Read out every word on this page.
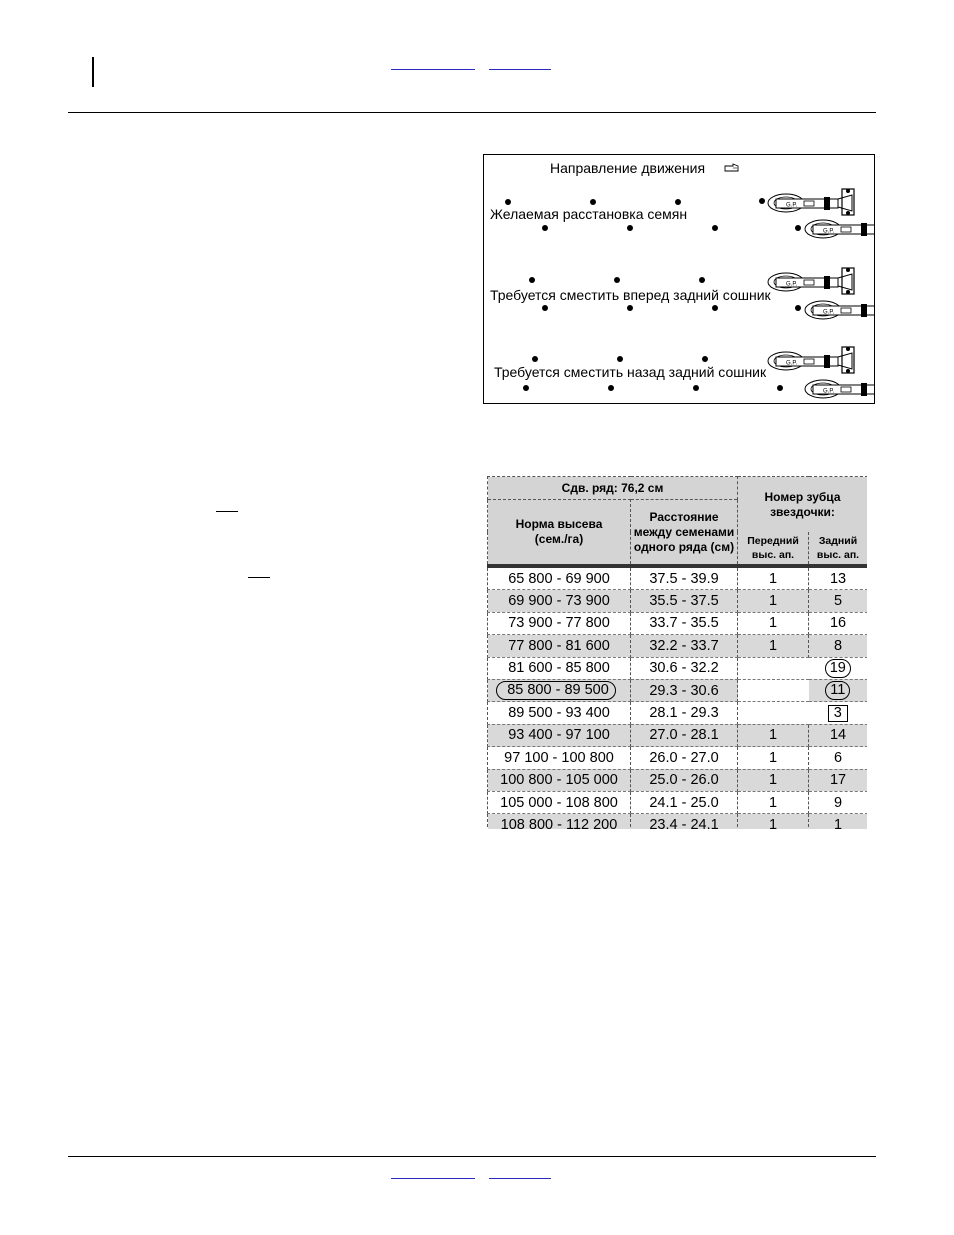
G.P.	Направление движения
Желаемая расстановка семян
Требуется сместить вперед задний сошник
Требуется сместить назад задний сошник
Сдв. ряд: 76,2 см		Номер зубца звездочки:	
Норма высева (сем./га)	Расстояние между семенами одного ряда (см)		
		Передний выс. ап.	Задний выс. ап.
65 800 - 69 900	37.5 - 39.9	1	13
69 900 - 73 900	35.5 - 37.5	1	5
73 900 - 77 800	33.7 - 35.5	1	16
77 800 - 81 600	32.2 - 33.7	1	8
81 600 - 85 800	30.6 - 32.2		19
85 800 - 89 500	29.3 - 30.6		11
89 500 - 93 400	28.1 - 29.3		3
93 400 - 97 100	27.0 - 28.1	1	14
97 100 - 100 800	26.0 - 27.0	1	6
100 800 - 105 000	25.0 - 26.0	1	17
105 000 - 108 800	24.1 - 25.0	1	9
108 800 - 112 200	23.4 - 24.1	1	1
